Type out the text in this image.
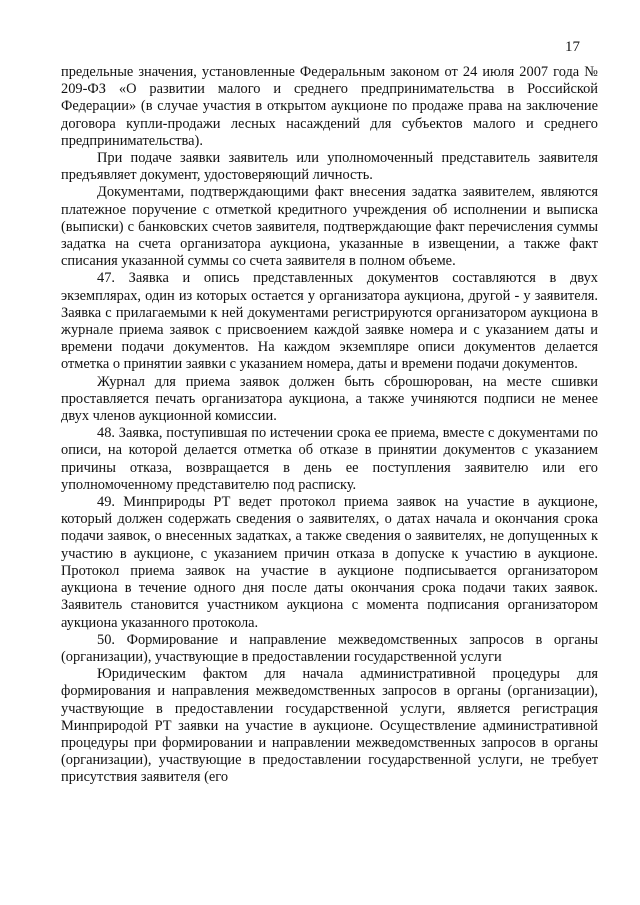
17

предельные значения, установленные Федеральным законом от 24 июля 2007 года № 209-ФЗ «О развитии малого и среднего предпринимательства в Российской Федерации» (в случае участия в открытом аукционе по продаже права на заключение договора купли-продажи лесных насаждений для субъектов малого и среднего предпринимательства).

При подаче заявки заявитель или уполномоченный представитель заявителя предъявляет документ, удостоверяющий личность.

Документами, подтверждающими факт внесения задатка заявителем, являются платежное поручение с отметкой кредитного учреждения об исполнении и выписка (выписки) с банковских счетов заявителя, подтверждающие факт перечисления суммы задатка на счета организатора аукциона, указанные в извещении, а также факт списания указанной суммы со счета заявителя в полном объеме.

47. Заявка и опись представленных документов составляются в двух экземплярах, один из которых остается у организатора аукциона, другой - у заявителя. Заявка с прилагаемыми к ней документами регистрируются организатором аукциона в журнале приема заявок с присвоением каждой заявке номера и с указанием даты и времени подачи документов. На каждом экземпляре описи документов делается отметка о принятии заявки с указанием номера, даты и времени подачи документов.

Журнал для приема заявок должен быть сброшюрован, на месте сшивки проставляется печать организатора аукциона, а также учиняются подписи не менее двух членов аукционной комиссии.

48. Заявка, поступившая по истечении срока ее приема, вместе с документами по описи, на которой делается отметка об отказе в принятии документов с указанием причины отказа, возвращается в день ее поступления заявителю или его уполномоченному представителю под расписку.

49. Минприроды РТ ведет протокол приема заявок на участие в аукционе, который должен содержать сведения о заявителях, о датах начала и окончания срока подачи заявок, о внесенных задатках, а также сведения о заявителях, не допущенных к участию в аукционе, с указанием причин отказа в допуске к участию в аукционе. Протокол приема заявок на участие в аукционе подписывается организатором аукциона в течение одного дня после даты окончания срока подачи таких заявок. Заявитель становится участником аукциона с момента подписания организатором аукциона указанного протокола.

50. Формирование и направление межведомственных запросов в органы (организации), участвующие в предоставлении государственной услуги

Юридическим фактом для начала административной процедуры для формирования и направления межведомственных запросов в органы (организации), участвующие в предоставлении государственной услуги, является регистрация Минприродой РТ заявки на участие в аукционе. Осуществление административной процедуры при формировании и направлении межведомственных запросов в органы (организации), участвующие в предоставлении государственной услуги, не требует присутствия заявителя (его
